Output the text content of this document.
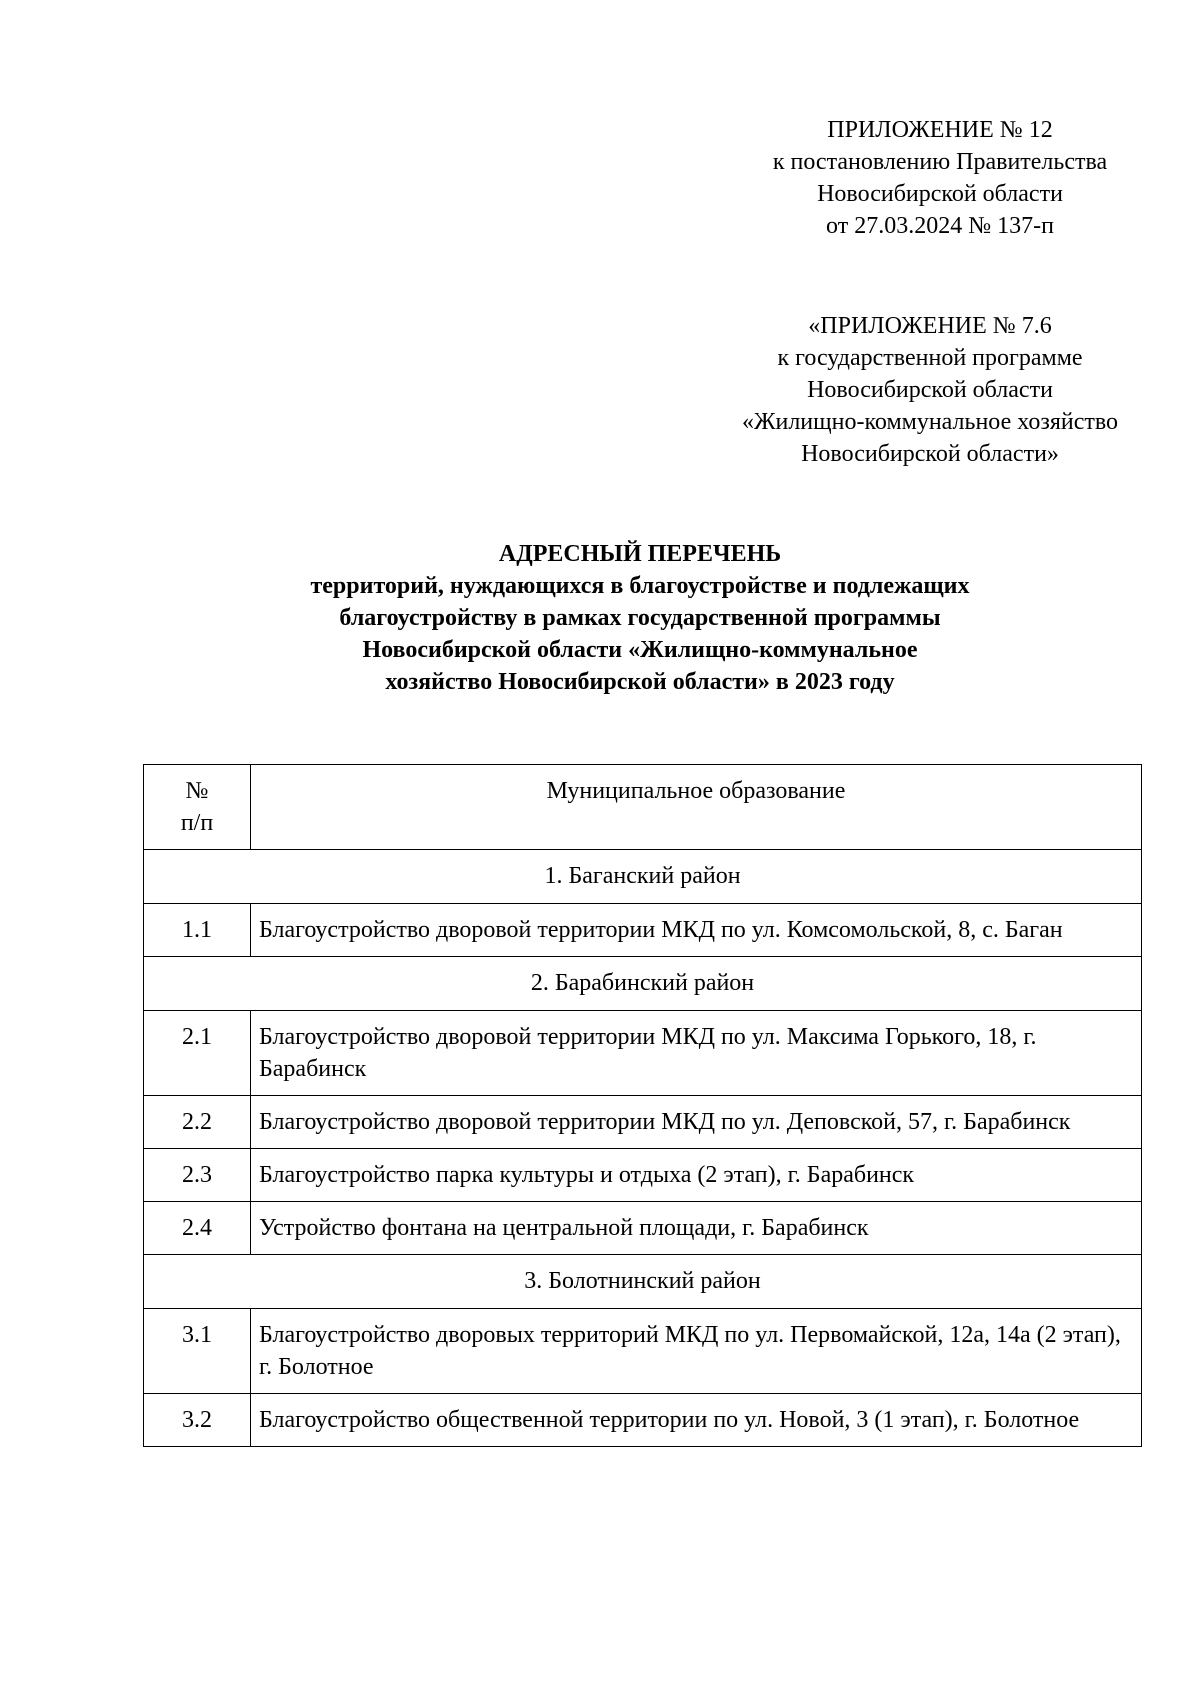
ПРИЛОЖЕНИЕ № 12
к постановлению Правительства
Новосибирской области
от 27.03.2024 № 137-п
«ПРИЛОЖЕНИЕ № 7.6
к государственной программе
Новосибирской области
«Жилищно-коммунальное хозяйство
Новосибирской области»
АДРЕСНЫЙ ПЕРЕЧЕНЬ
территорий, нуждающихся в благоустройстве и подлежащих
благоустройству в рамках государственной программы
Новосибирской области «Жилищно-коммунальное
хозяйство Новосибирской области» в 2023 году
№
п/п	Муниципальное образование
1. Баганский район	
1.1	Благоустройство дворовой территории МКД по ул. Комсомольской, 8, с. Баган
2. Барабинский район	
2.1	Благоустройство дворовой территории МКД по ул. Максима Горького, 18, г. Барабинск
2.2	Благоустройство дворовой территории МКД по ул. Деповской, 57, г. Барабинск
2.3	Благоустройство парка культуры и отдыха (2 этап), г. Барабинск
2.4	Устройство фонтана на центральной площади, г. Барабинск
3. Болотнинский район	
3.1	Благоустройство дворовых территорий МКД по ул. Первомайской, 12а, 14а (2 этап), г. Болотное
3.2	Благоустройство общественной территории по ул. Новой, 3 (1 этап), г. Болотное
